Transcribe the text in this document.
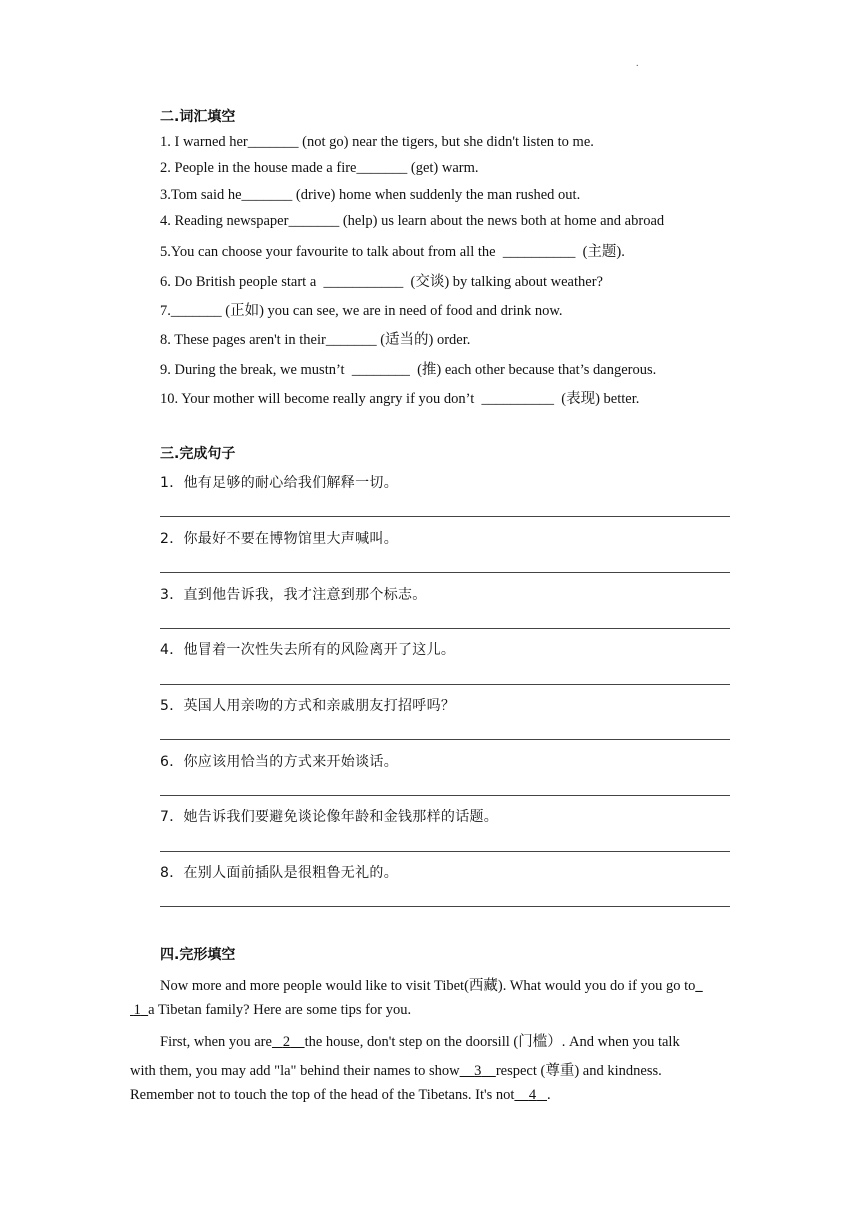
.
二.词汇填空
1. I warned her_______ (not go) near the tigers, but she didn't listen to me.
2. People in the house made a fire_______ (get) warm.
3.Tom said he_______ (drive) home when suddenly the man rushed out.
4. Reading newspaper_______ (help) us learn about the news both at home and abroad
5.You can choose your favourite to talk about from all the  __________  (主题).
6. Do British people start a  ___________  (交谈) by talking about weather?
7._______ (正如) you can see, we are in need of food and drink now.
8. These pages aren't in their_______ (适当的) order.
9. During the break, we mustn’t  ________  (推) each other because that’s dangerous.
10. Your mother will become really angry if you don’t  __________  (表现) better.
三.完成句子
1．他有足够的耐心给我们解释一切。
2．你最好不要在博物馆里大声喊叫。
3．直到他告诉我，我才注意到那个标志。
4．他冒着一次性失去所有的风险离开了这儿。
5．英国人用亲吻的方式和亲戚朋友打招呼吗？
6．你应该用恰当的方式来开始谈话。
7．她告诉我们要避免谈论像年龄和金钱那样的话题。
8．在别人面前插队是很粗鲁无礼的。
四.完形填空
Now more and more people would like to visit Tibet(西藏). What would you do if you go to_
1 a Tibetan family? Here are some tips for you.
First, when you are 2 the house, don't step on the doorsill (门槛）. And when you talk
with them, you may add "la" behind their names to show 3 respect (尊重) and kindness.
Remember not to touch the top of the head of the Tibetans. It's not 4 .
